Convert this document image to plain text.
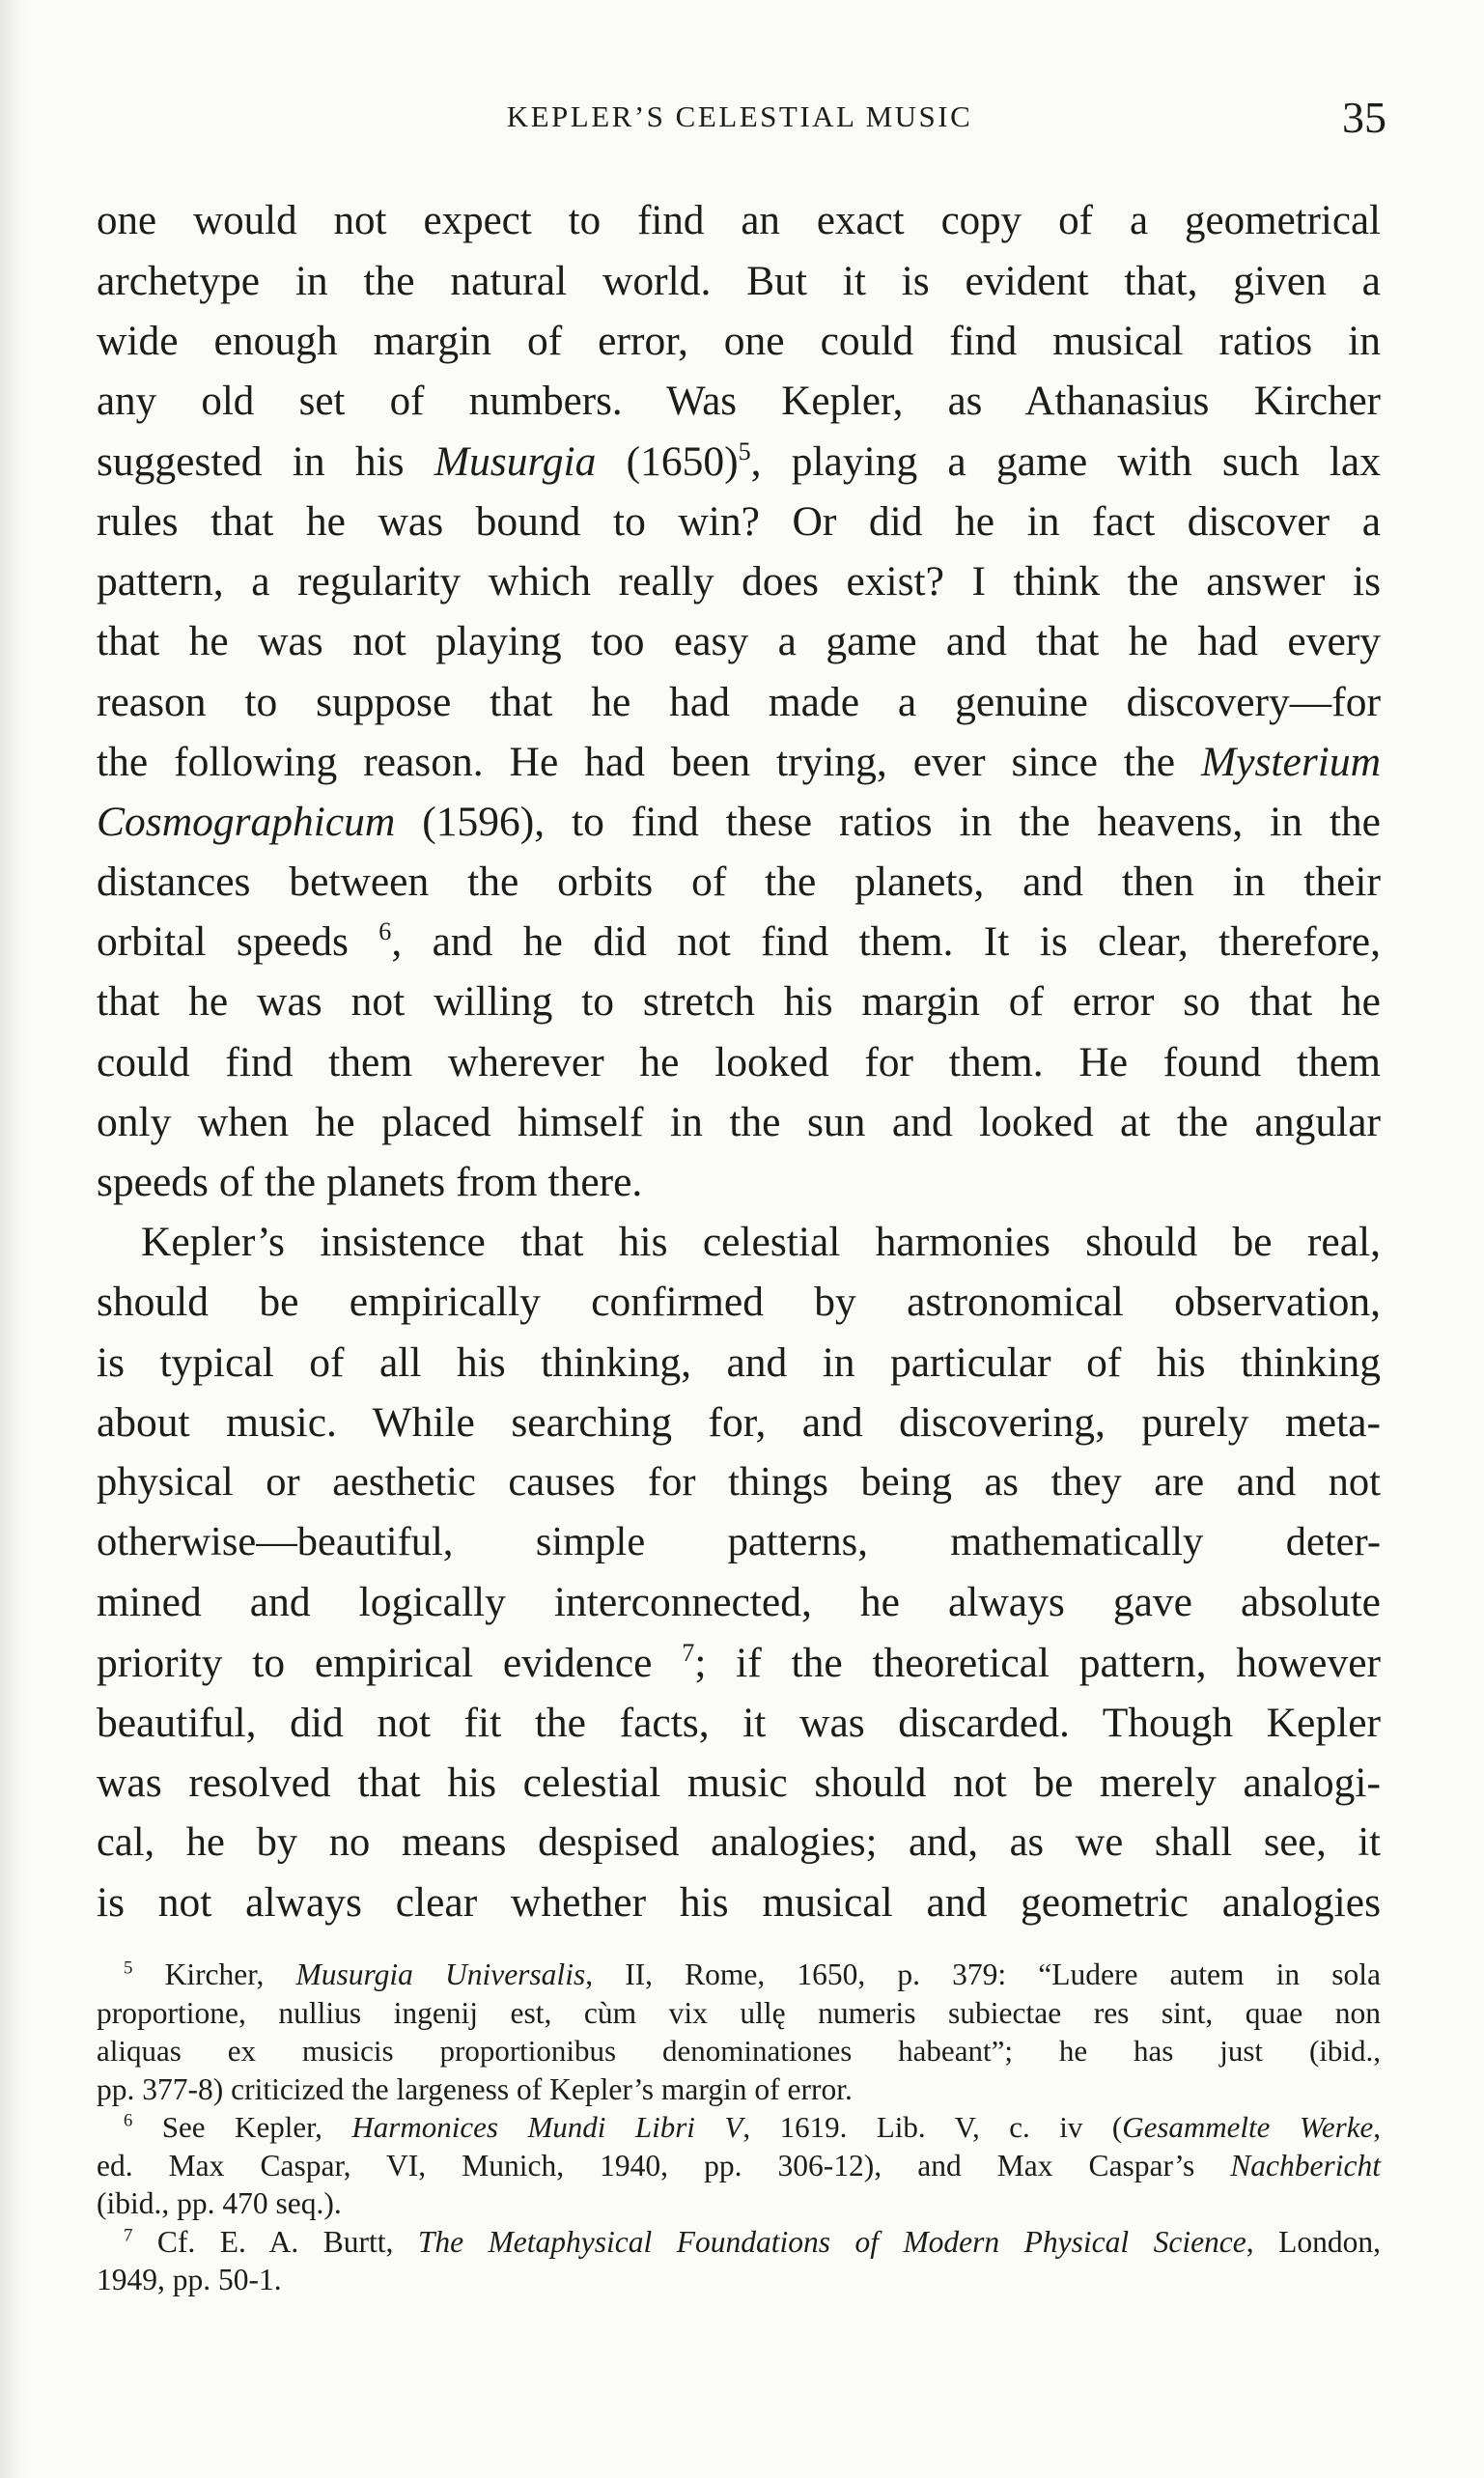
KEPLER’S CELESTIAL MUSIC	35
one would not expect to find an exact copy of a geometrical
archetype in the natural world. But it is evident that, given a
wide enough margin of error, one could find musical ratios in
any old set of numbers. Was Kepler, as Athanasius Kircher
suggested in his Musurgia $(1650)^5$, playing a game with such lax
rules that he was bound to win? Or did he in fact discover a
pattern, a regularity which really does exist? I think the answer is
that he was not playing too easy a game and that he had every
reason to suppose that he had made a genuine discovery—for
the following reason. He had been trying, ever since the Mysterium
Cosmographicum (1596), to find these ratios in the heavens, in the
distances between the orbits of the planets, and then in their
orbital speeds $^6$, and he did not find them. It is clear, therefore,
that he was not willing to stretch his margin of error so that he
could find them wherever he looked for them. He found them
only when he placed himself in the sun and looked at the angular
speeds of the planets from there.
Kepler’s insistence that his celestial harmonies should be real,
should be empirically confirmed by astronomical observation,
is typical of all his thinking, and in particular of his thinking
about music. While searching for, and discovering, purely meta-
physical or aesthetic causes for things being as they are and not
otherwise—beautiful, simple patterns, mathematically deter-
mined and logically interconnected, he always gave absolute
priority to empirical evidence $^7$; if the theoretical pattern, however
beautiful, did not fit the facts, it was discarded. Though Kepler
was resolved that his celestial music should not be merely analogi-
cal, he by no means despised analogies; and, as we shall see, it
is not always clear whether his musical and geometric analogies
$^5$ Kircher, Musurgia Universalis, II, Rome, 1650, p. 379: “Ludere autem in sola
proportione, nullius ingenij est, cùm vix ullę numeris subiectae res sint, quae non
aliquas ex musicis proportionibus denominationes habeant”; he has just (ibid.,
pp. 377-8) criticized the largeness of Kepler’s margin of error.
$^6$ See Kepler, Harmonices Mundi Libri V, 1619. Lib. V, c. iv (Gesammelte Werke,
ed. Max Caspar, VI, Munich, 1940, pp. 306-12), and Max Caspar’s Nachbericht
(ibid., pp. 470 seq.).
$^7$ Cf. E. A. Burtt, The Metaphysical Foundations of Modern Physical Science, London,
1949, pp. 50-1.
